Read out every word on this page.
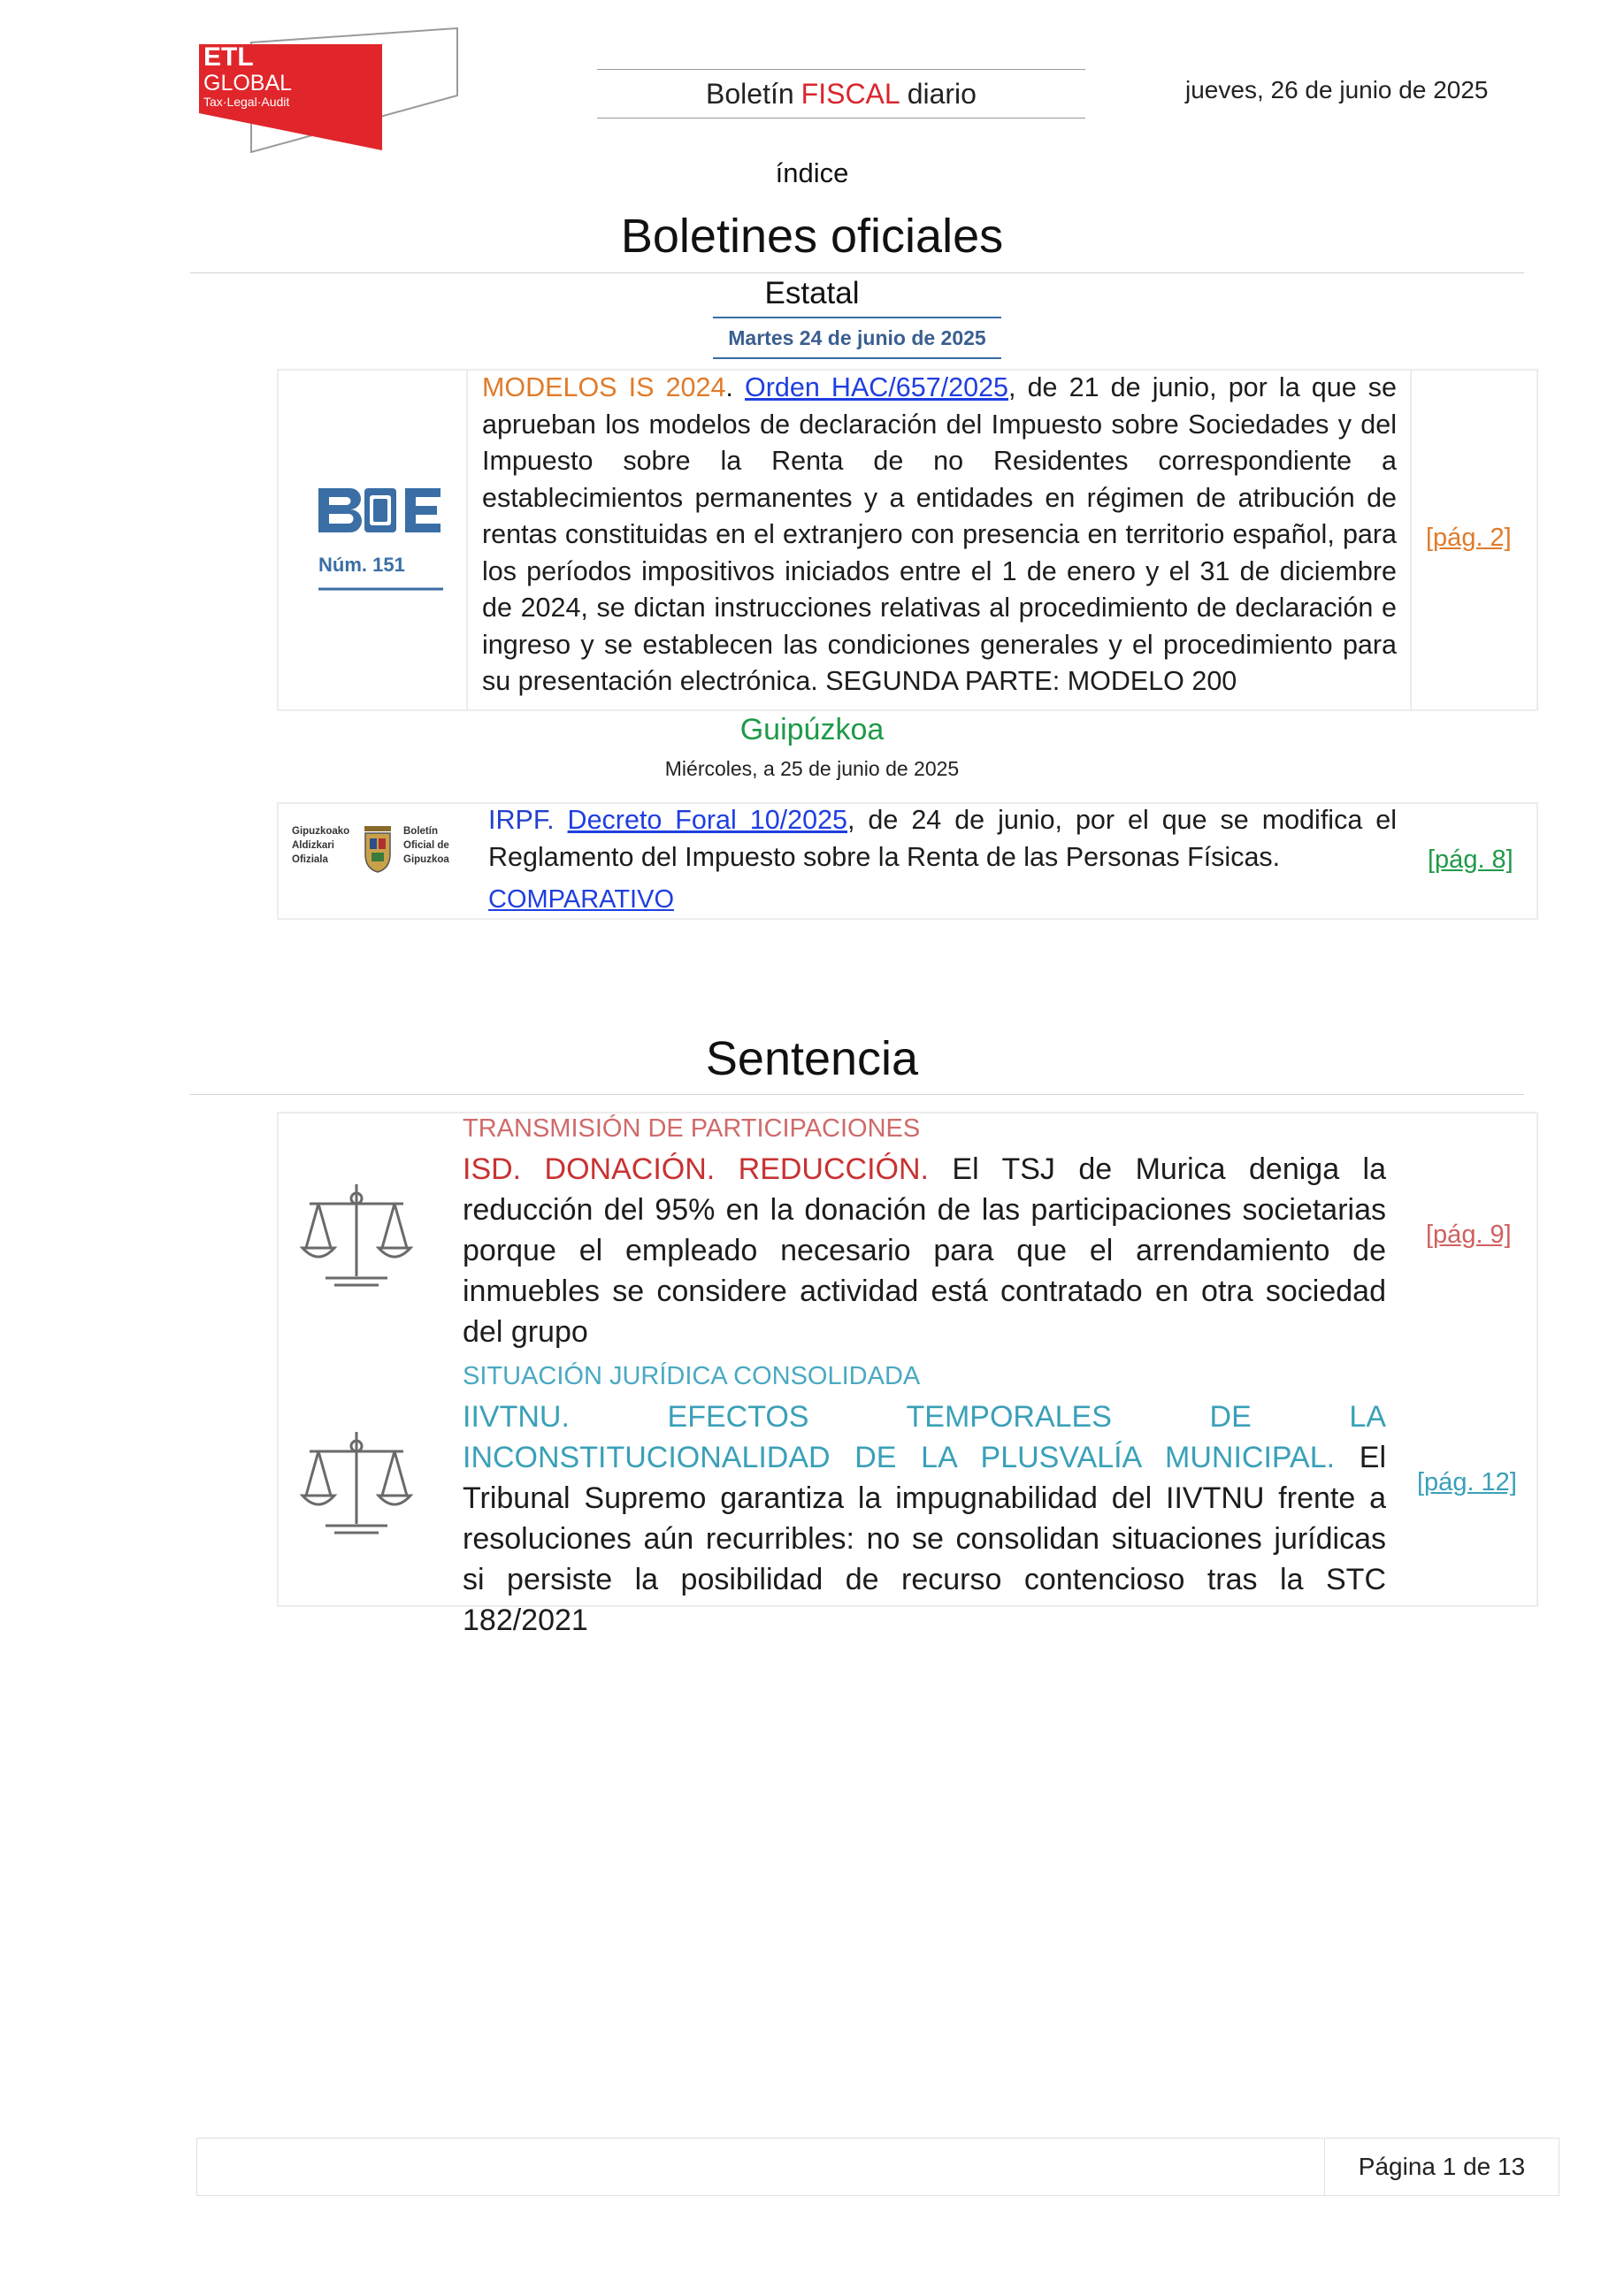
ETL
GLOBAL
Tax·Legal·Audit	Boletín FISCAL diario	jueves, 26 de junio de 2025
índice
Boletines oficiales
Estatal
Martes 24 de junio de 2025
Núm. 151
MODELOS IS 2024. Orden HAC/657/2025, de 21 de junio, por la que se aprueban los modelos de declaración del Impuesto sobre Sociedades y del Impuesto sobre la Renta de no Residentes correspondiente a establecimientos permanentes y a entidades en régimen de atribución de rentas constituidas en el extranjero con presencia en territorio español, para los períodos impositivos iniciados entre el 1 de enero y el 31 de diciembre de 2024, se dictan instrucciones relativas al procedimiento de declaración e ingreso y se establecen las condiciones generales y el procedimiento para su presentación electrónica. SEGUNDA PARTE: MODELO 200
[pág. 2]
Guipúzkoa
Miércoles, a 25 de junio de 2025
Gipuzkoako
Aldizkari
Ofiziala
Boletín
Oficial de
Gipuzkoa
IRPF. Decreto Foral 10/2025, de 24 de junio, por el que se modifica el Reglamento del Impuesto sobre la Renta de las Personas Físicas.
COMPARATIVO
[pág. 8]
Sentencia
TRANSMISIÓN DE PARTICIPACIONES
ISD. DONACIÓN. REDUCCIÓN. El TSJ de Murica deniga la reducción del 95% en la donación de las participaciones societarias porque el empleado necesario para que el arrendamiento de inmuebles se considere actividad está contratado en otra sociedad del grupo
[pág. 9]
SITUACIÓN JURÍDICA CONSOLIDADA
IIVTNU. EFECTOS TEMPORALES DE LA INCONSTITUCIONALIDAD DE LA PLUSVALÍA MUNICIPAL. El Tribunal Supremo garantiza la impugnabilidad del IIVTNU frente a resoluciones aún recurribles: no se consolidan situaciones jurídicas si persiste la posibilidad de recurso contencioso tras la STC 182/2021
[pág. 12]
Página 1 de 13
